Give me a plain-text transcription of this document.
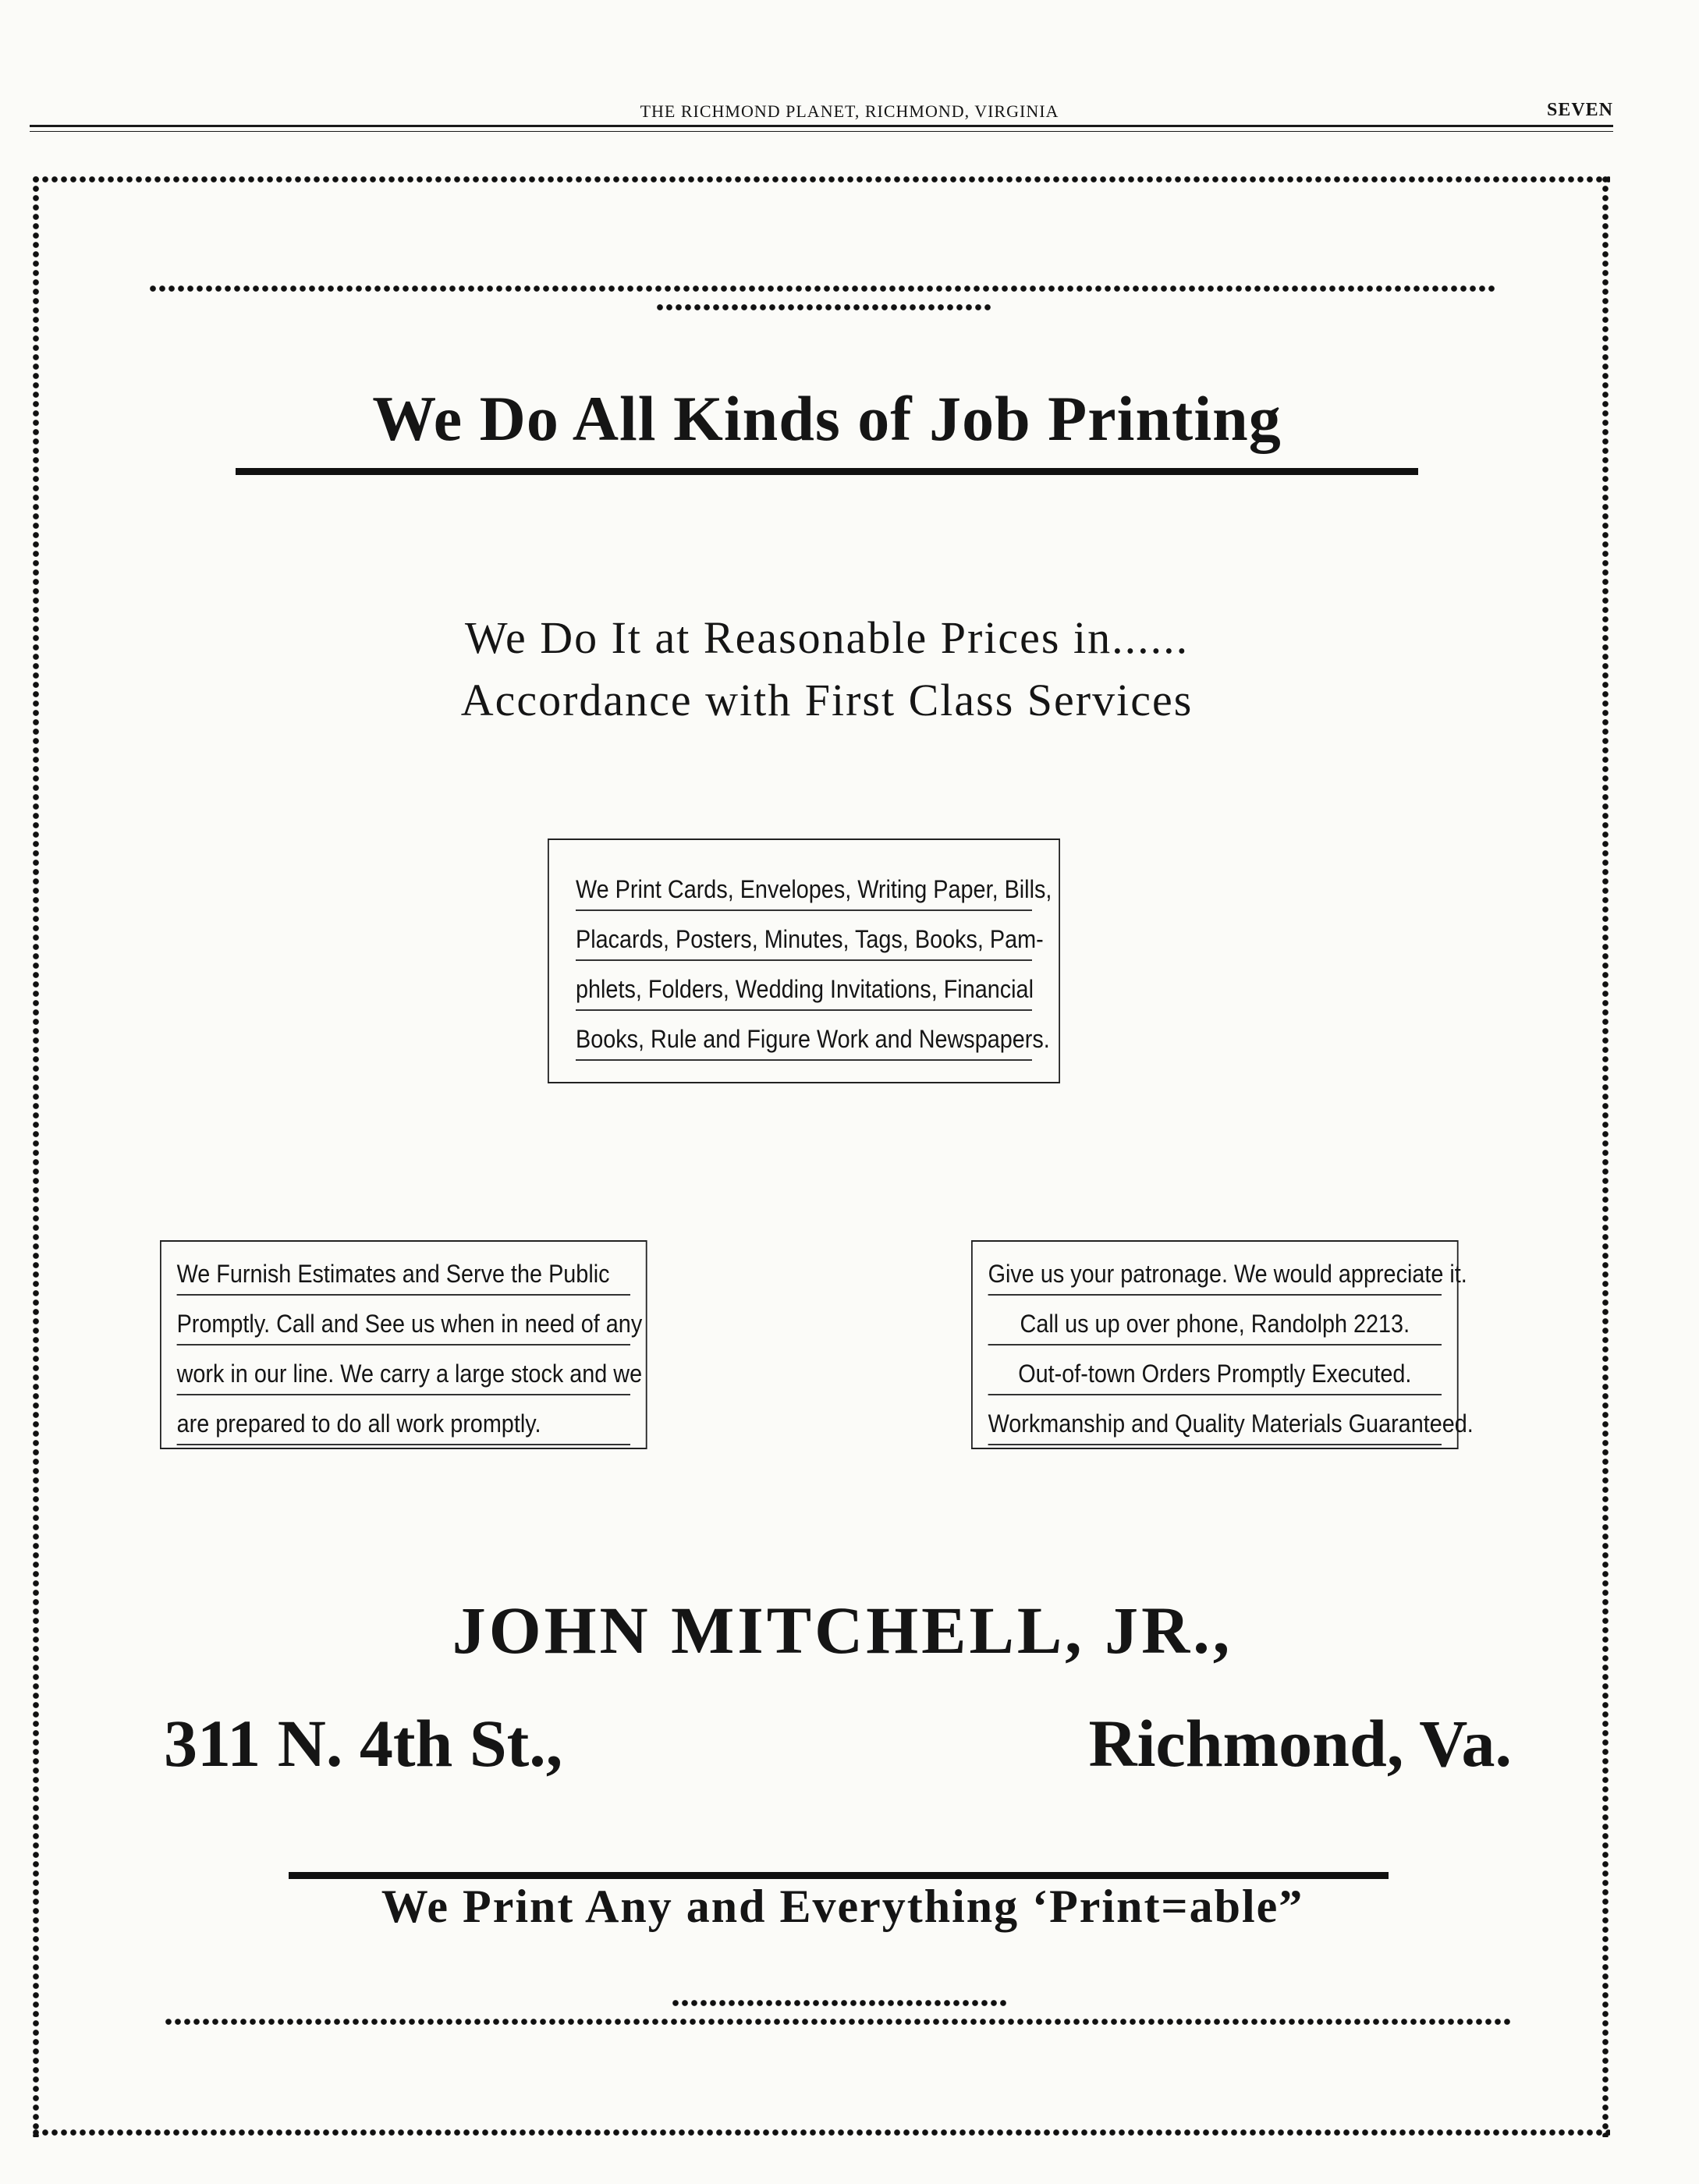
THE RICHMOND PLANET, RICHMOND, VIRGINIA	SEVEN
We Do All Kinds of Job Printing
We Do It at Reasonable Prices in......
Accordance with First Class Services
We Print Cards, Envelopes, Writing Paper, Bills,
Placards, Posters, Minutes, Tags, Books, Pam-
phlets, Folders, Wedding Invitations, Financial
Books, Rule and Figure Work and Newspapers.
We Furnish Estimates and Serve the Public
Promptly. Call and See us when in need of any
work in our line. We carry a large stock and we
are prepared to do all work promptly.
Give us your patronage. We would appreciate it.
Call us up over phone, Randolph 2213.
Out-of-town Orders Promptly Executed.
Workmanship and Quality Materials Guaranteed.
JOHN MITCHELL, JR.,
311 N. 4th St.,	Richmond, Va.
We Print Any and Everything ‘Print=able”
